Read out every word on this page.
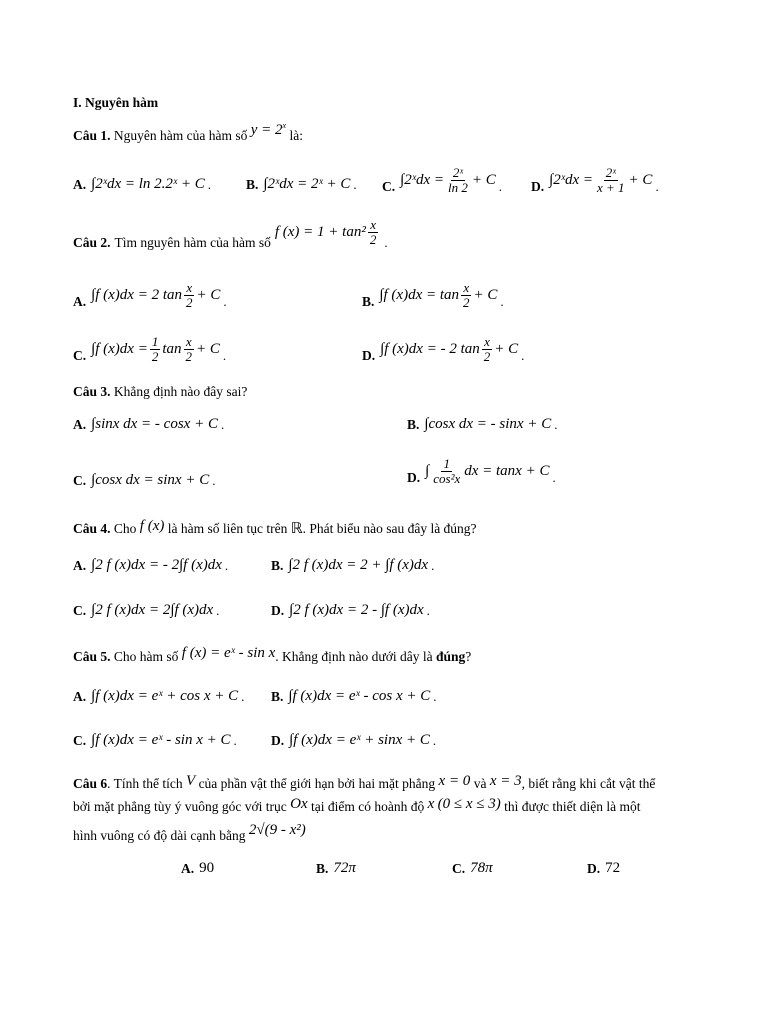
I. Nguyên hàm
Câu 1. Nguyên hàm của hàm số $y = 2^x$ là:
A. ∫2ˣdx = ln 2.2ˣ + C .	B. ∫2ˣdx = 2ˣ + C . C. ∫2ˣdx = $\frac{\text{2ˣ}}{\ln 2} + C$ . D. ∫2ˣdx = $\frac{\text{2ˣ}}{x + 1} + C$ .
Câu 2. Tìm nguyên hàm của hàm số
f $(x) = 1 + \tan^2 \frac{x}{2}$ .
A. ∫f (x)dx = 2 $\tan \frac{x}{2} + C$ .	B. ∫f $(x)dx = \tan \frac{x}{2} + C$ .
C. ∫f $(x)dx = \frac{1}{2}$ $\tan \frac{x}{2} + C$ .	D. ∫f (x)dx = - 2 $\tan \frac{x}{2} + C$ .
Câu 3. Khẳng định nào đây sai?
A. ∫sinx dx = - cosx + C .	B. ∫cosx dx = - sinx + C .
C. ∫cosx dx = sinx + C .	D. ∫ $\frac{1}{\text{cos²x}}$ dx = tanx + C .
Câu 4. Cho f (x) là hàm số liên tục trên ℝ. Phát biểu nào sau đây là đúng?
A. ∫2 f (x)dx = - 2∫f (x)dx .	B. ∫2 f (x)dx = 2 + ∫f (x)dx .
C. ∫2 f (x)dx = 2∫f (x)dx .	D. ∫2 f (x)dx = 2 - ∫f (x)dx .
Câu 5. Cho hàm số f (x) = eˣ - sin x. Khẳng định nào dưới dây là đúng?
A. ∫f (x)dx = eˣ + cos x + C . B. ∫f (x)dx = eˣ - cos x + C .
C. ∫f (x)dx = eˣ - sin x + C .	D. ∫f (x)dx = eˣ + sinx + C .
Câu 6. Tính thể tích V của phần vật thể giới hạn bởi hai mặt phẳng x = 0 và x = 3, biết rằng khi cắt vật thể
bởi mặt phẳng tùy ý vuông góc với trục Ox tại điểm có hoành độ x (0 ≤ x ≤ 3) thì được thiết diện là một
hình vuông có độ dài cạnh bằng 2√(9 - x²)
A. 90	B. 72π	C. 78π	D. 72
